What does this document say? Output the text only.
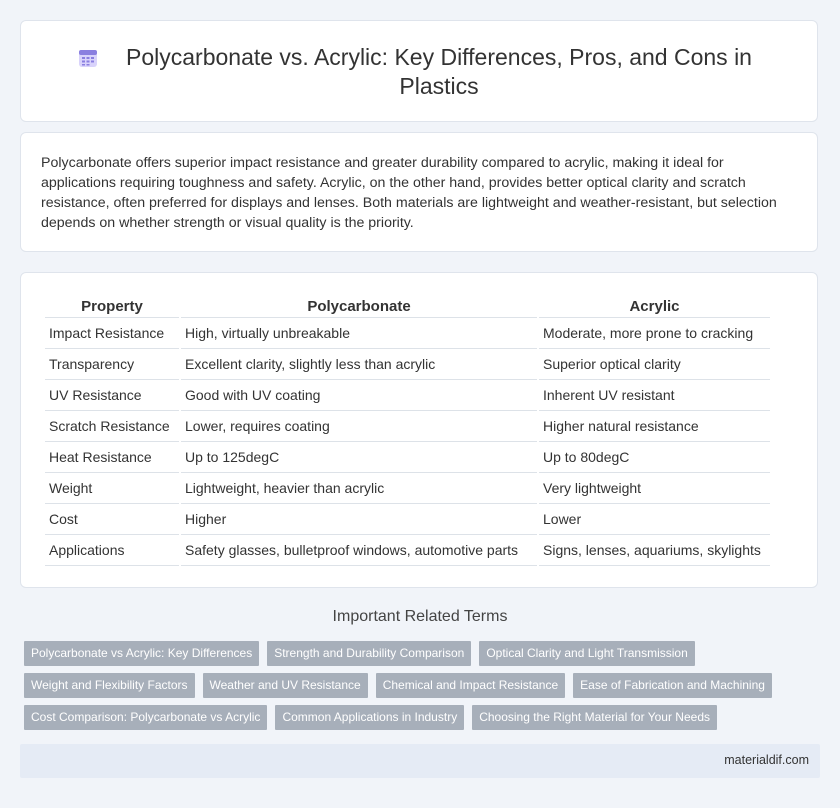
Polycarbonate vs. Acrylic: Key Differences, Pros, and Cons in Plastics

Polycarbonate offers superior impact resistance and greater durability compared to acrylic, making it ideal for applications requiring toughness and safety. Acrylic, on the other hand, provides better optical clarity and scratch resistance, often preferred for displays and lenses. Both materials are lightweight and weather-resistant, but selection depends on whether strength or visual quality is the priority.

Property	Polycarbonate	Acrylic
Impact Resistance	High, virtually unbreakable	Moderate, more prone to cracking
Transparency	Excellent clarity, slightly less than acrylic	Superior optical clarity
UV Resistance	Good with UV coating	Inherent UV resistant
Scratch Resistance	Lower, requires coating	Higher natural resistance
Heat Resistance	Up to 125degC	Up to 80degC
Weight	Lightweight, heavier than acrylic	Very lightweight
Cost	Higher	Lower
Applications	Safety glasses, bulletproof windows, automotive parts	Signs, lenses, aquariums, skylights
Important Related Terms
Polycarbonate vs Acrylic: Key Differences	Strength and Durability Comparison	Optical Clarity and Light Transmission
Weight and Flexibility Factors	Weather and UV Resistance	Chemical and Impact Resistance	Ease of Fabrication and Machining
Cost Comparison: Polycarbonate vs Acrylic	Common Applications in Industry	Choosing the Right Material for Your Needs
materialdif.com
